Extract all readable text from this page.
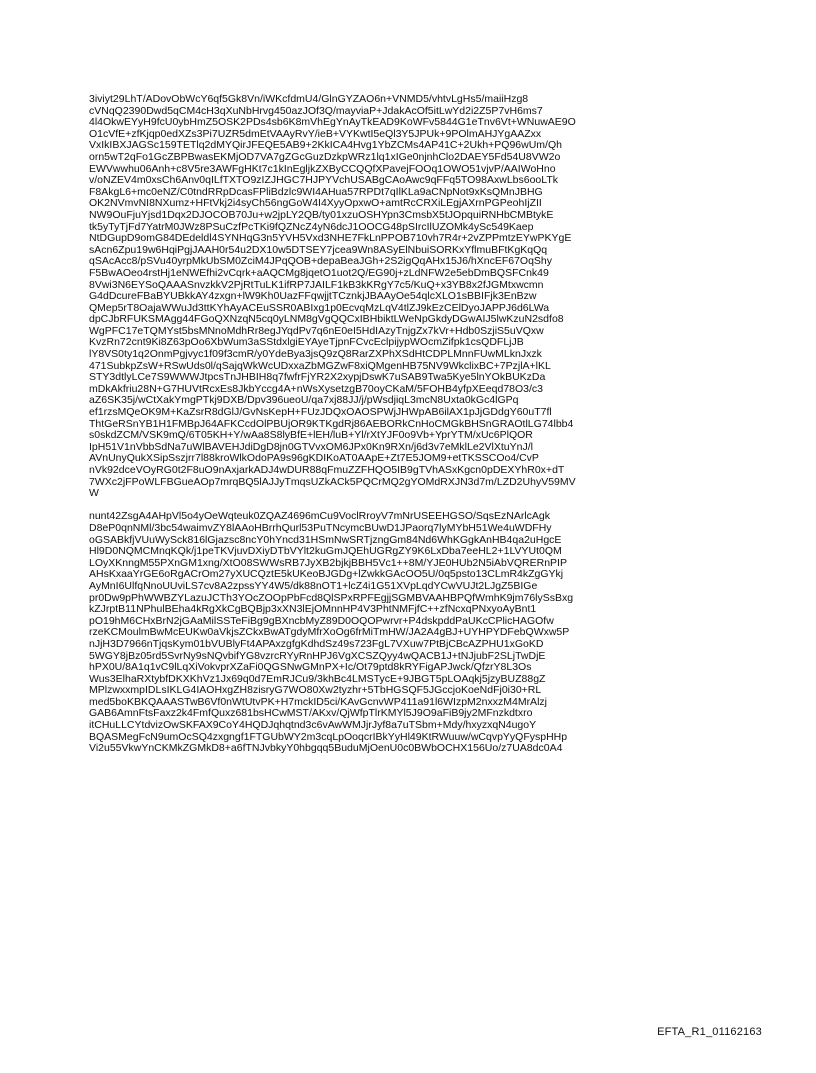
3iviyt29LhT/ADovObWcY6qf5Gk8Vn/iWKcfdmU4/GlnGYZAO6n+VNMD5/vhtvLgHs5/maiiHzg8
cVNqQ2390Dwd5qCM4cH3qXuNbHrvg450azJOf3Q/mayviaP+JdakAcOf5itLwYd2i2Z5P7vH6ms7
4l4OkwEYyH9fcU0ybHmZ5OSK2PDs4sb6K8mVhEgYnAyTkEAD9KoWFv5844G1eTnv6Vt+WNuwAE9O
O1cVfE+zfKjqp0edXZs3Pi7UZR5dmEtVAAyRvY/ieB+VYKwtI5eQl3Y5JPUk+9POlmAHJYgAAZxx
VxIkIBXJAGSc159TETlq2dMYQirJFEQE5AB9+2KkICA4Hvg1YbZCMs4AP41C+2Ukh+PQ96wUm/Qh
orn5wT2qFo1GcZBPBwasEKMjOD7VA7gZGcGuzDzkpWRz1lq1xIGe0njnhClo2DAEY5Fd54U8VW2o
EWVwwhu06Anh+c8V5re3AWFgHKt7c1kInEgljkZXByCCQQfXPavejFOOq1OWO51vjvP/AAIWoHno
v/oNZEV4m0xsCh6Anv0qILfTXTO9zIZJHGC7HJPYVchUSABgCAoAwc9qFFq5TO98AxwLbs6ooLTk
F8AkgL6+mc0eNZ/C0tndRRpDcasFPliBdzlc9WI4AHua57RPDt7qIlKLa9aCNpNot9xKsQMnJBHG
OK2NVmvNI8NXumz+HFtVkj2i4syCh56ngGoW4I4XyyOpxwO+amtRcCRXiLEgjAXrnPGPeohIjZII
NW9OuFjuYjsd1Dqx2DJOCOB70Ju+w2jpLY2QB/ty01xzuOSHYpn3CmsbX5tJOpquiRNHbCMBtykE
tk5yTyTjFd7YatrM0JWz8PSuCzfPcTKi9fQZNcZ4yN6dcJ1OOCG48pSIrcIlUZOMk4ySc549Kaep
NtDGupD9omG84DEdeldl4SYNHqG3n5YVH5Vxd3NHE7FkLnPPOB710vh7R4r+2vZPPmtzEYwPKYgE
sAcn6Zpu19w6HqiPgjJAAH0r54u2DX10w5DTSEY7jcea9Wn8ASyElNbuiSORKxYflmuBFtKgKqQq
qSAcAcc8/pSVu40yrpMkUbSM0ZciM4JPqQOB+depaBeaJGh+2S2igQqAHx15J6/hXncEF67OqShy
F5BwAOeo4rstHj1eNWEfhi2vCqrk+aAQCMg8jqetO1uot2Q/EG90j+zLdNFW2e5ebDmBQSFCnk49
8Vwi3N6EYSoQAAASnvzkkV2PjRtTuLK1ifRP7JAILF1kB3kKRgY7c5/KuQ+x3YB8x2fJGMtxwcmn
G4dDcureFBaBYUBkkAY4zxgn+lW9Kh0UazFFqwjjtTCznkjJBAAyOe54qlcXLO1sBBIFjk3EnBzw
QMep5rT8OajaWWuJd3ttKYhAyACEuSSR0ABIxg1p0EcvqMzLqV4tlZJ9kEzCElDyoJAPPJ6d6LWa
dpCJbRFUKSMAgg44FGoQXNzqN5cq0yLNM8gVgQQCxIBHbiktLWeNpGkdyDGwAIJ5lwKzuN2sdfo8
WgPFC17eTQMYst5bsMNnoMdhRr8egJYqdPv7q6nE0eI5HdIAzyTnjgZx7kVr+Hdb0SzjiS5uVQxw
KvzRn72cnt9Ki8Z63pOo6XbWum3aSStdxlgiEYAyeTjpnFCvcEclpijypWOcmZifpk1csQDFLjJB
lY8VS0ty1q2OnmPgjvyc1f09f3cmR/y0YdeBya3jsQ9zQ8RarZXPhXSdHtCDPLMnnFUwMLknJxzk
471SubkpZsW+RSwUds0l/qSajqWkWcUDxxaZbMGZwF8xiQMgenHB75NV9WkclixBC+7PzjlA+lKL
STY3dtlyLCe7S9WWWJtpcsTnJHBIH8q7fwfrFjYR2X2xypjDswK7uSAB9Twa5Kye5lnYOkBUKzDa
mDkAkfriu28N+G7HUVtRcxEs8JkbYccg4A+nWsXysetzgB70oyCKaM/5FOHB4yfpXEeqd78O3/c3
aZ6SK35j/wCtXakYmgPTkj9DXB/Dpv396ueoU/qa7xj88JJ/j/pWsdjiqL3mcN8Uxta0kGc4lGPq
ef1rzsMQeOK9M+KaZsrR8dGlJ/GvNsKepH+FUzJDQxOAOSPWjJHWpAB6ilAX1pJjGDdgY60uT7fl
ThtGeRSnYB1H1FMBpJ64AFKCcdOlPBUjOR9KTKgdRj86AEBORkCnHoCMGkBHSnGRAOtlLG74lbb4
s0skdZCM/VSK9mQ/6T05KH+Y/wAa8S8lyBfE+lEH/luB+Yl/rXtYJF0o9Vb+YprYTM/xUc6PlQOR
IpH51V1nVbbSdNa7uWlBAVEHJdiDgD8jn0GTVvxOM6JPx0Kn9RXn/j6d3v7eMklLe2VlXtuYnJ/l
AVnUnyQukXSipSszjrr7l88kroWlkOdoPA9s96gKDIKoAT0AApE+Zt7E5JOM9+etTKSSCOo4/CvP
nVk92dceVOyRG0t2F8uO9nAxjarkADJ4wDUR88qFmuZZFHQO5IB9gTVhASxKgcn0pDEXYhR0x+dT
7WXc2jFPoWLFBGueAOp7mrqBQ5lAJJyTmqsUZkACk5PQCrMQ2gYOMdRXJN3d7m/LZD2UhyV59MV
W
nunt42ZsgA4AHpVl5o4yOeWqteuk0ZQAZ4696mCu9VoclRroyV7mNrUSEEHGSO/SqsEzNArlcAgk
D8eP0qnNMl/3bc54waimvZY8lAAoHBrrhQurl53PuTNcymcBUwD1JPaorq7lyMYbH51We4uWDFHy
oGSABkfjVUuWySck816lGjazsc8ncY0hYncd31HSmNwSRTjzngGm84Nd6WhKGgkAnHB4qa2uHgcE
Hl9D0NQMCMnqKQk/j1peTKVjuvDXiyDTbVYlt2kuGmJQEhUGRgZY9K6LxDba7eeHL2+1LVYUt0QM
LOyXKnngM55PXnGM1xng/XtO08SWWsRB7JyXB2bjkjBBH5Vc1++8M/YJE0HUb2N5iAbVQRERnPIP
AHsKxaaYrGE6oRgACrOm27yXUCQztE5kUKeoBJGDg+lZwkkGAcOO5U/0q5psto13CLmR4kZgGYkj
AyMnI6UlfqNnoUUviLS7cv8A2zpssYY4W5/dk88nOT1+lcZ4i1G51XVpLqdYCwVUJt2LJgZ5BIGe
pr0Dw9pPhWWBZYLazuJCTh3YOcZOOpPbFcd8QlSPxRPFEgjjSGMBVAAHBPQfWmhK9jm76lySsBxg
kZJrptB11NPhulBEha4kRgXkCgBQBjp3xXN3lEjOMnnHP4V3PhtNMFjfC++zfNcxqPNxyoAyBnt1
pO19hM6CHxBrN2jGAaMilSSTeFiBg9gBXncbMyZ89D0OQOPwrvr+P4dskpddPaUKcCPlicHAGOfw
rzeKCMoulmBwMcEUKw0aVkjsZCkxBwATgdyMfrXoOg6frMiTmHW/JA2A4gBJ+UYHPYDFebQWxw5P
nJjH3D7966nTjqsKym01bVUBlyFt4APAxzgfgKdhdSz49s723FgL7VXuw7PtBjCBcAZPHU1xGoKD
5WGY8jBz05rd5SvrNy9sNQvbifYG8vzrcRYyRnHPJ6VgXCSZQyy4wQACB1J+tNJjubF2SLjTwDjE
hPX0U/8A1q1vC9lLqXiVokvprXZaFi0QGSNwGMnPX+Ic/Ot79ptd8kRYFigAPJwck/QfzrY8L3Os
Wus3ElhaRXtybfDKXKhVz1Jx69q0d7EmRJCu9/3khBc4LMSTycE+9JBGT5pLOAqkj5jzyBUZ88gZ
MPlzwxxmpIDLsIKLG4IAOHxgZH8zisryG7WO80Xw2tyzhr+5TbHGSQF5JGccjoKoeNdFj0i30+RL
med5boKBKQAAASTwB6Vf0nWtUtvPK+H7mckID5ci/KAvGcnvWP411a91l6WIzpM2nxxzM4MrAlzj
GAB6AmnFtsFaxz2k4FmfQuxz681bsHCwMST/AKxv/QjWfpTlrKMYl5J9O9aFiB9jy2MFnzkdtxro
itCHuLLCYtdvizOwSKFAX9CoY4HQDJqhqtnd3c6vAwWMJjrJyf8a7uTSbm+Mdy/hxyzxqN4ugoY
BQASMegFcN9umOcSQ4zxgngf1FTGUbWY2m3cqLpOoqcrIBkYyHl49KtRWuuw/wCqvpYyQFyspHHp
Vi2u55VkwYnCKMkZGMkD8+a6fTNJvbkyY0hbgqq5BuduMjOenU0c0BWbOCHX156Uo/z7UA8dc0A4
EFTA_R1_01162163
